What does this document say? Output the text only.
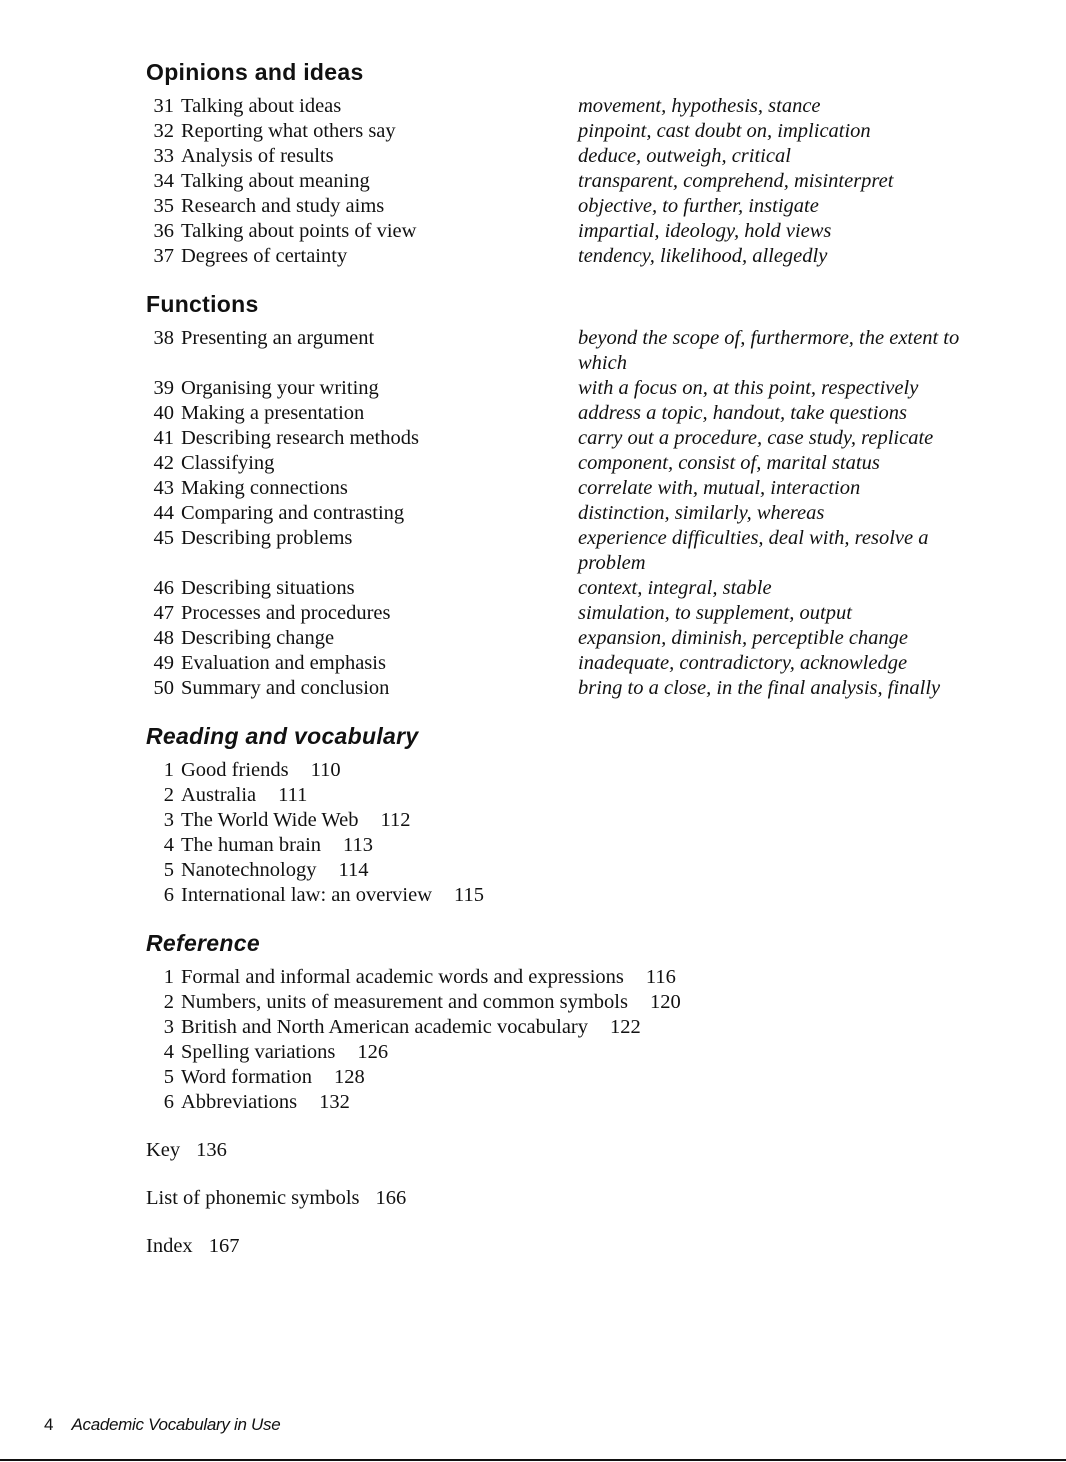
Opinions and ideas
31 Talking about ideas	movement, hypothesis, stance
32 Reporting what others say	pinpoint, cast doubt on, implication
33 Analysis of results	deduce, outweigh, critical
34 Talking about meaning	transparent, comprehend, misinterpret
35 Research and study aims	objective, to further, instigate
36 Talking about points of view	impartial, ideology, hold views
37 Degrees of certainty	tendency, likelihood, allegedly
Functions
38 Presenting an argument	beyond the scope of, furthermore, the extent to which
39 Organising your writing	with a focus on, at this point, respectively
40 Making a presentation	address a topic, handout, take questions
41 Describing research methods	carry out a procedure, case study, replicate
42 Classifying	component, consist of, marital status
43 Making connections	correlate with, mutual, interaction
44 Comparing and contrasting	distinction, similarly, whereas
45 Describing problems	experience difficulties, deal with, resolve a problem
46 Describing situations	context, integral, stable
47 Processes and procedures	simulation, to supplement, output
48 Describing change	expansion, diminish, perceptible change
49 Evaluation and emphasis	inadequate, contradictory, acknowledge
50 Summary and conclusion	bring to a close, in the final analysis, finally
Reading and vocabulary
1 Good friends 110
2 Australia 111
3 The World Wide Web 112
4 The human brain 113
5 Nanotechnology 114
6 International law: an overview 115
Reference
1 Formal and informal academic words and expressions 116
2 Numbers, units of measurement and common symbols 120
3 British and North American academic vocabulary 122
4 Spelling variations 126
5 Word formation 128
6 Abbreviations 132
Key 136
List of phonemic symbols 166
Index 167
4 Academic Vocabulary in Use
